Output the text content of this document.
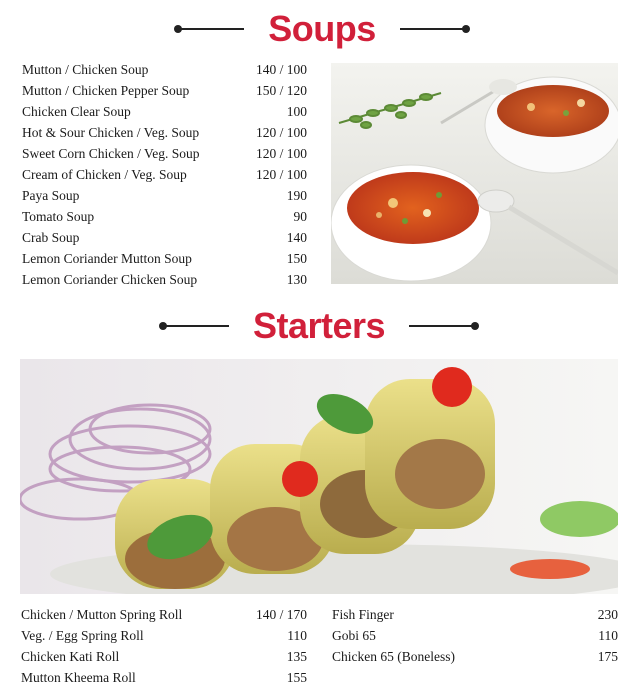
Soups
Mutton / Chicken Soup	140 / 100
Mutton / Chicken Pepper Soup	150 / 120
Chicken Clear Soup	100
Hot & Sour Chicken / Veg. Soup	120 / 100
Sweet Corn Chicken / Veg. Soup	120 / 100
Cream of Chicken / Veg. Soup	120 / 100
Paya Soup	190
Tomato Soup	90
Crab Soup	140
Lemon Coriander Mutton Soup	150
Lemon Coriander Chicken Soup	130
Starters
Chicken / Mutton Spring Roll	140 / 170
Veg. / Egg Spring Roll	110
Chicken Kati Roll	135
Mutton Kheema Roll	155
Fish Finger	230
Gobi 65	110
Chicken 65 (Boneless)	175
